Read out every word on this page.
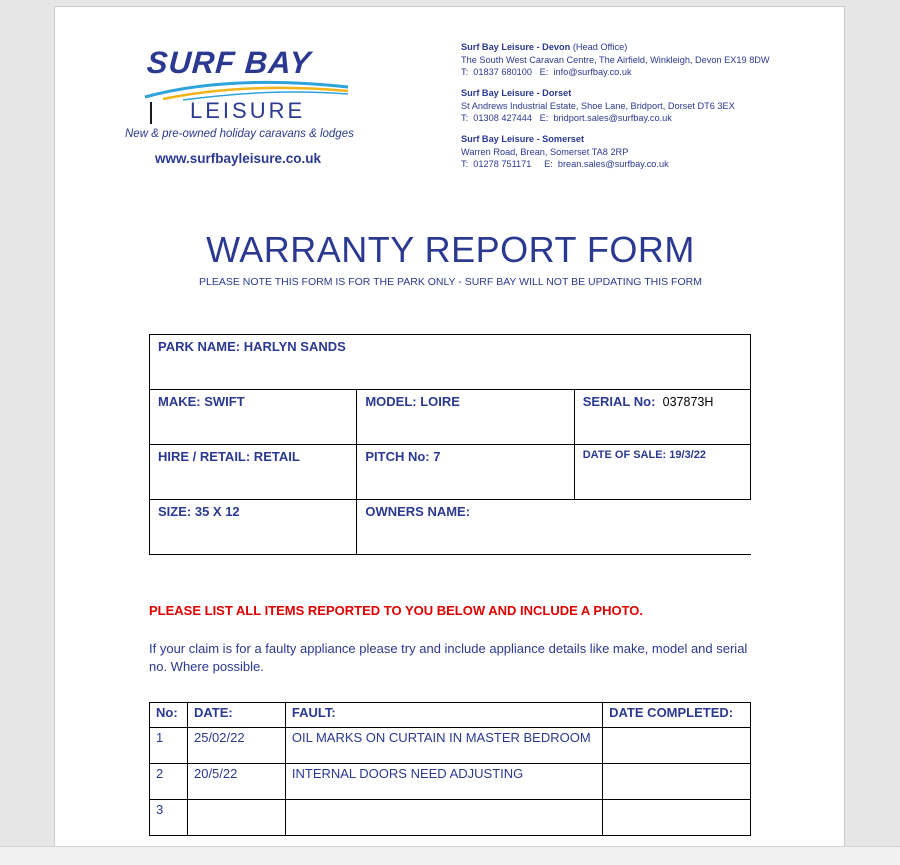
SURF BAY
LEISURE
New & pre-owned holiday caravans & lodges
www.surfbayleisure.co.uk
Surf Bay Leisure - Devon (Head Office)
The South West Caravan Centre, The Airfield, Winkleigh, Devon EX19 8DW
T:  01837 680100   E:  info@surfbay.co.uk
Surf Bay Leisure - Dorset
St Andrews Industrial Estate, Shoe Lane, Bridport, Dorset DT6 3EX
T:  01308 427444   E:  bridport.sales@surfbay.co.uk
Surf Bay Leisure - Somerset
Warren Road, Brean, Somerset TA8 2RP
T:  01278 751171     E:  brean.sales@surfbay.co.uk
WARRANTY REPORT FORM
PLEASE NOTE THIS FORM IS FOR THE PARK ONLY - SURF BAY WILL NOT BE UPDATING THIS FORM
PARK NAME: HARLYN SANDS		
MAKE: SWIFT	MODEL: LOIRE	SERIAL No: 037873H
HIRE / RETAIL: RETAIL	PITCH No: 7	DATE OF SALE: 19/3/22
SIZE: 35 X 12	OWNERS NAME:	
PLEASE LIST ALL ITEMS REPORTED TO YOU BELOW AND INCLUDE A PHOTO.
If your claim is for a faulty appliance please try and include appliance details like make, model and serial no. Where possible.
No:	DATE:	FAULT:	DATE COMPLETED:
1	25/02/22	OIL MARKS ON CURTAIN IN MASTER BEDROOM	
2	20/5/22	INTERNAL DOORS NEED ADJUSTING	
3			
